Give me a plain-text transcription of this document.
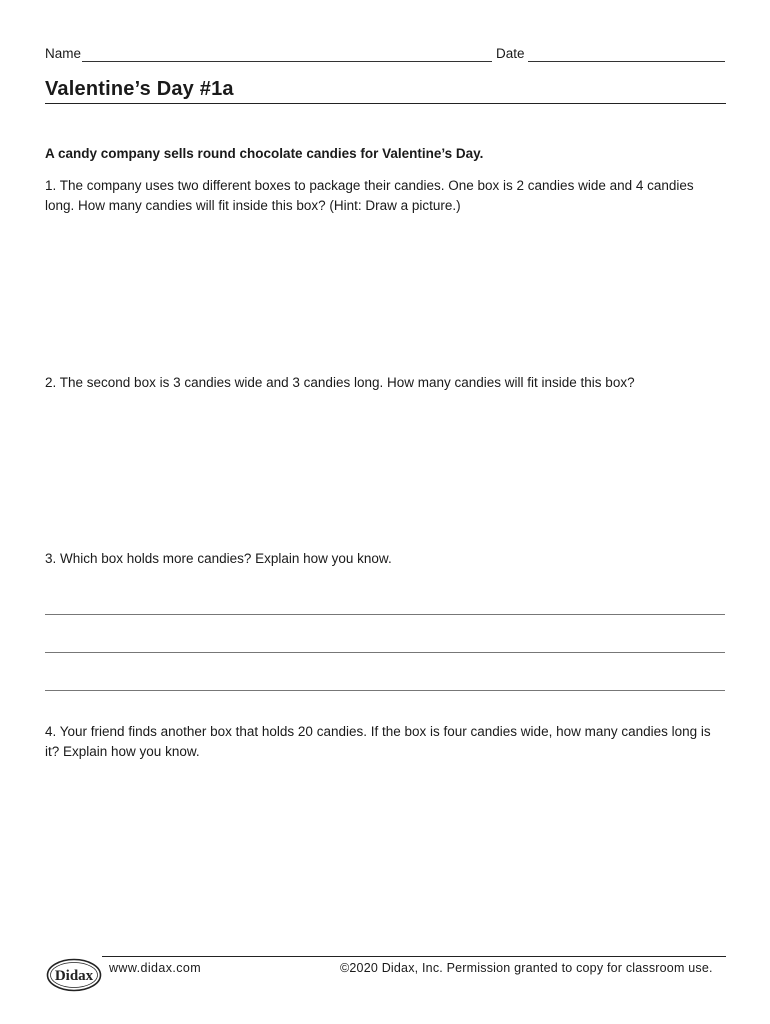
Name	Date
Valentine’s Day #1a
A candy company sells round chocolate candies for Valentine’s Day.
1. The company uses two different boxes to package their candies. One box is 2 candies wide and 4 candies long. How many candies will fit inside this box? (Hint: Draw a picture.)
2. The second box is 3 candies wide and 3 candies long. How many candies will fit inside this box?
3. Which box holds more candies? Explain how you know.
4. Your friend finds another box that holds 20 candies. If the box is four candies wide, how many candies long is it? Explain how you know.
Didax www.didax.com	©2020 Didax, Inc. Permission granted to copy for classroom use.
